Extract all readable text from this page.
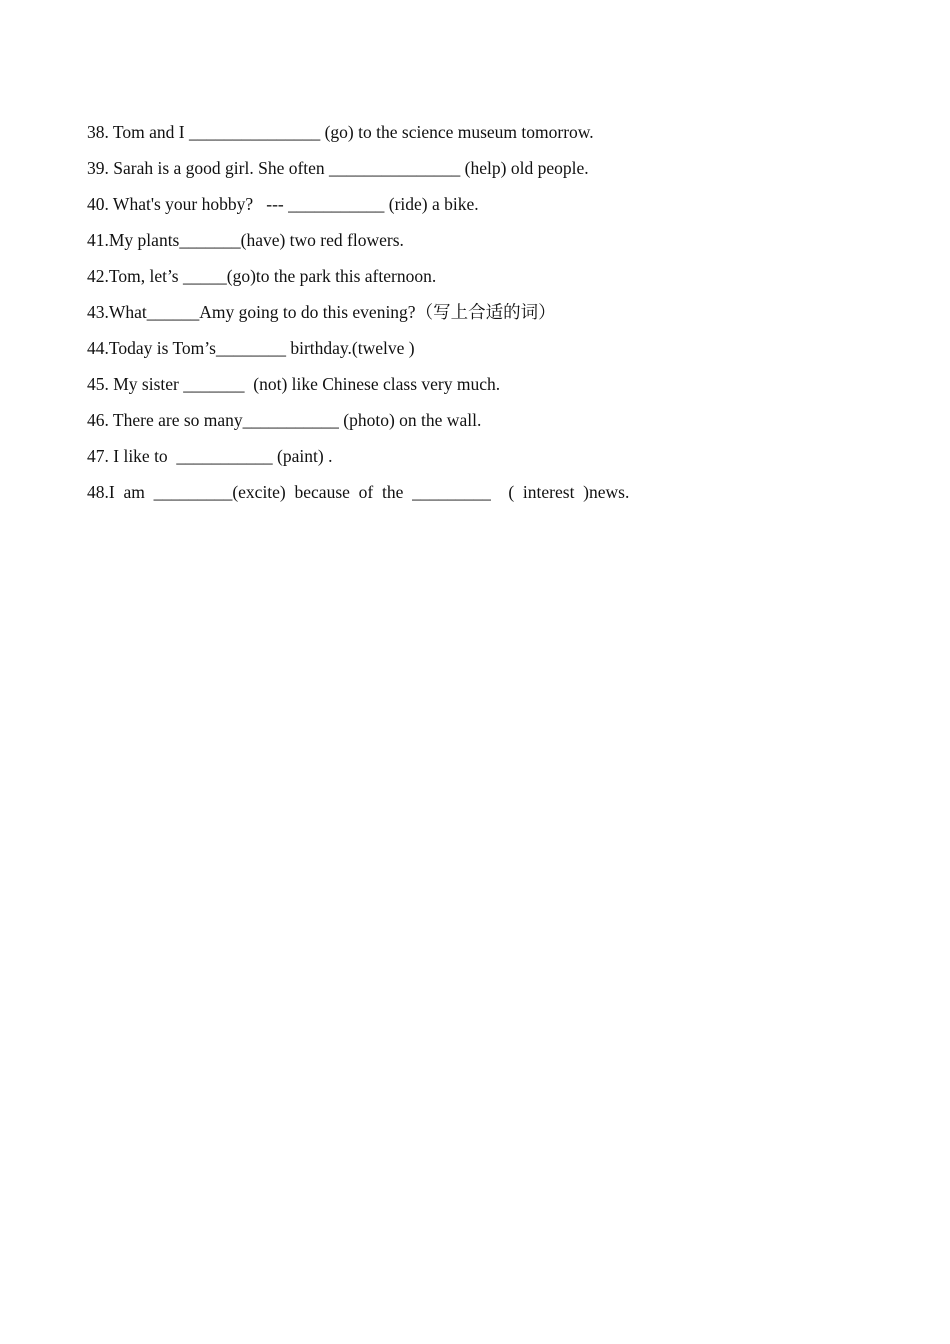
38. Tom and I _______________ (go) to the science museum tomorrow.
39. Sarah is a good girl. She often _______________ (help) old people.
40. What's your hobby?   --- ___________ (ride) a bike.
41.My plants_______(have) two red flowers.
42.Tom, let’s _____(go)to the park this afternoon.
43.What______Amy going to do this evening?（写上合适的词）
44.Today is Tom’s________ birthday.(twelve )
45. My sister _______  (not) like Chinese class very much.
46. There are so many___________ (photo) on the wall.
47. I like to  ___________ (paint) .
48.I  am  _________(excite)  because  of  the  _________    (  interest  )news.
